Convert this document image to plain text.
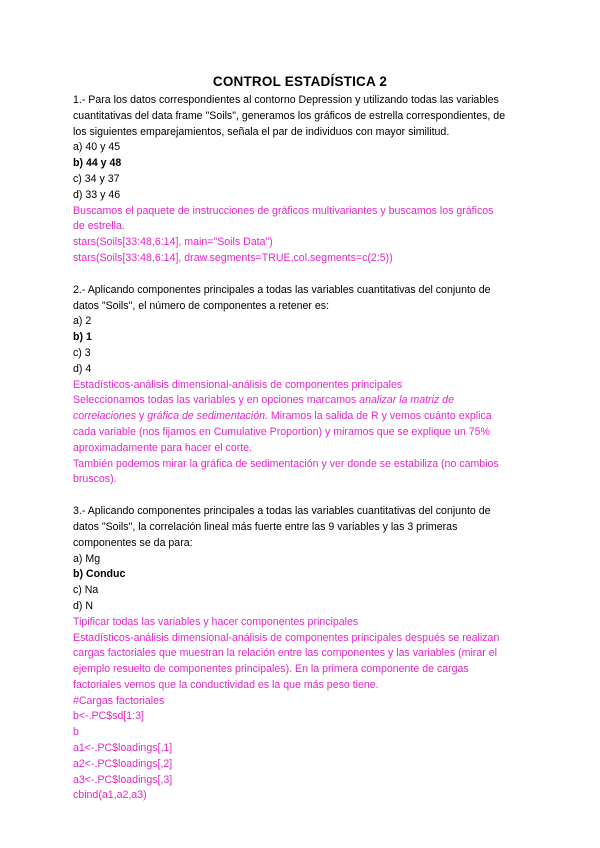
CONTROL ESTADÍSTICA 2
1.- Para los datos correspondientes al contorno Depression y utilizando todas las variables
cuantitativas del data frame "Soils", generamos los gráficos de estrella correspondientes, de
los siguientes emparejamientos, señala el par de individuos con mayor similitud.
a) 40 y 45
b) 44 y 48
c) 34 y 37
d) 33 y 46
Buscamos el paquete de instrucciones de gráficos multivariantes y buscamos los gráficos
de estrella.
stars(Soils[33:48,6:14], main="Soils Data")
stars(Soils[33:48,6:14], draw.segments=TRUE,col.segments=c(2:5))
2.- Aplicando componentes principales a todas las variables cuantitativas del conjunto de
datos "Soils", el número de componentes a retener es:
a) 2
b) 1
c) 3
d) 4
Estadísticos-análisis dimensional-análisis de componentes principales
Seleccionamos todas las variables y en opciones marcamos analizar la matriz de
correlaciones y gráfica de sedimentación. Miramos la salida de R y vemos cuánto explica
cada variable (nos fijamos en Cumulative Proportion) y miramos que se explique un 75%
aproximadamente para hacer el corte.
También podemos mirar la gráfica de sedimentación y ver donde se estabiliza (no cambios
bruscos).
3.- Aplicando componentes principales a todas las variables cuantitativas del conjunto de
datos "Soils", la correlación lineal más fuerte entre las 9 variables y las 3 primeras
componentes se da para:
a) Mg
b) Conduc
c) Na
d) N
Tipificar todas las variables y hacer componentes principales
Estadísticos-análisis dimensional-análisis de componentes principales después se realizan
cargas factoriales que muestran la relación entre las componentes y las variables (mirar el
ejemplo resuelto de componentes principales). En la primera componente de cargas
factoriales vemos que la conductividad es la que más peso tiene.
#Cargas factoriales
b<-.PC$sd[1:3]
b
a1<-.PC$loadings[,1]
a2<-.PC$loadings[,2]
a3<-.PC$loadings[,3]
cbind(a1,a2,a3)
